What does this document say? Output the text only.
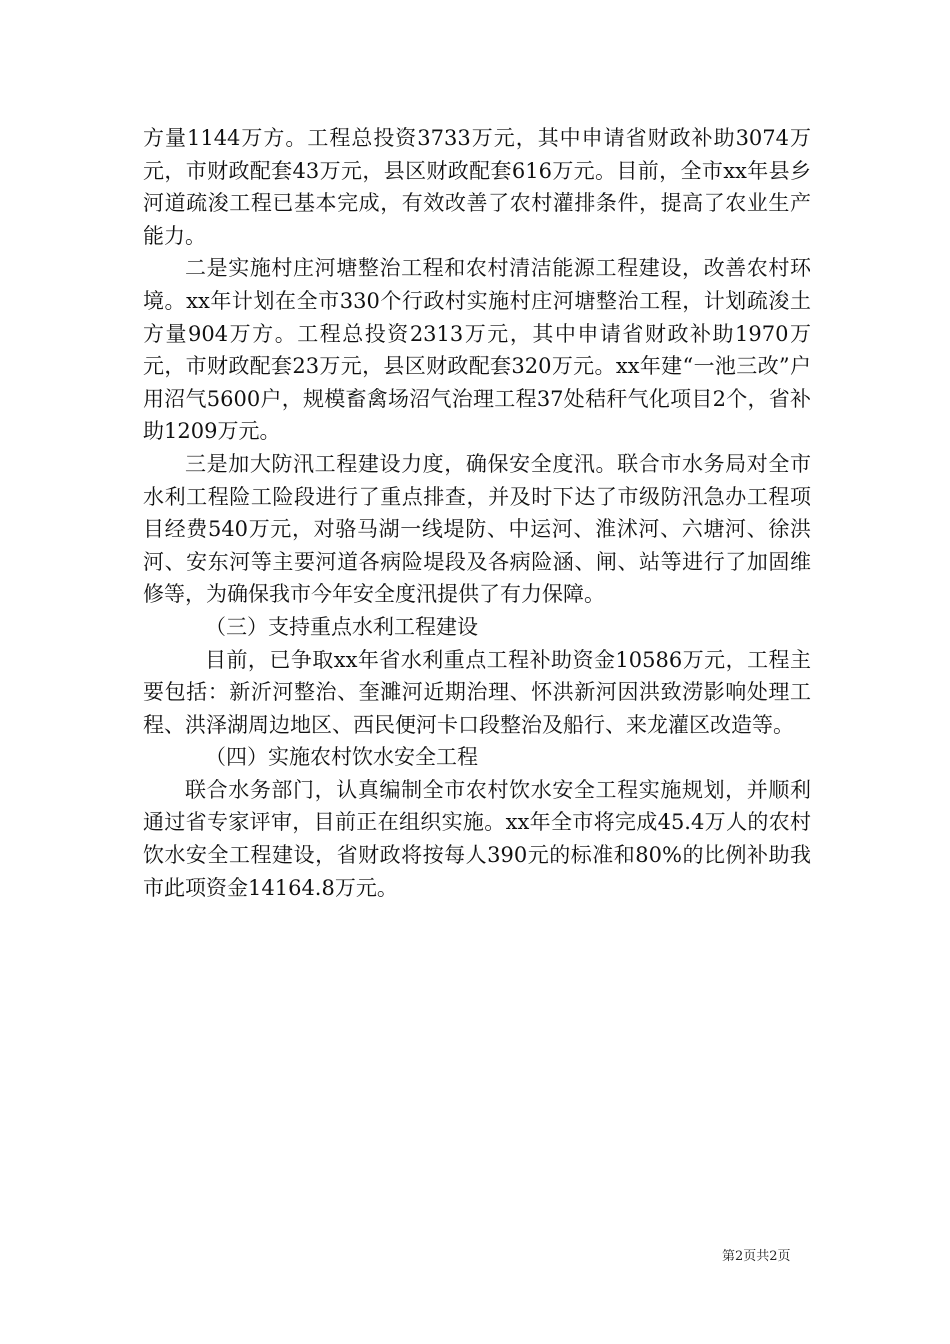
方量1144万方。工程总投资3733万元，其中申请省财政补助3074万元，市财政配套43万元，县区财政配套616万元。目前，全市xx年县乡河道疏浚工程已基本完成，有效改善了农村灌排条件，提高了农业生产能力。

二是实施村庄河塘整治工程和农村清洁能源工程建设，改善农村环境。xx年计划在全市330个行政村实施村庄河塘整治工程，计划疏浚土方量904万方。工程总投资2313万元，其中申请省财政补助1970万元，市财政配套23万元，县区财政配套320万元。xx年建“一池三改”户用沼气5600户，规模畜禽场沼气治理工程37处秸秆气化项目2个，省补助1209万元。

三是加大防汛工程建设力度，确保安全度汛。联合市水务局对全市水利工程险工险段进行了重点排查，并及时下达了市级防汛急办工程项目经费540万元，对骆马湖一线堤防、中运河、淮沭河、六塘河、徐洪河、安东河等主要河道各病险堤段及各病险涵、闸、站等进行了加固维修等，为确保我市今年安全度汛提供了有力保障。

（三）支持重点水利工程建设

目前，已争取xx年省水利重点工程补助资金10586万元，工程主要包括：新沂河整治、奎濉河近期治理、怀洪新河因洪致涝影响处理工程、洪泽湖周边地区、西民便河卡口段整治及船行、来龙灌区改造等。

（四）实施农村饮水安全工程

联合水务部门，认真编制全市农村饮水安全工程实施规划，并顺利通过省专家评审，目前正在组织实施。xx年全市将完成45.4万人的农村饮水安全工程建设，省财政将按每人390元的标准和80%的比例补助我市此项资金14164.8万元。

第2页共2页
